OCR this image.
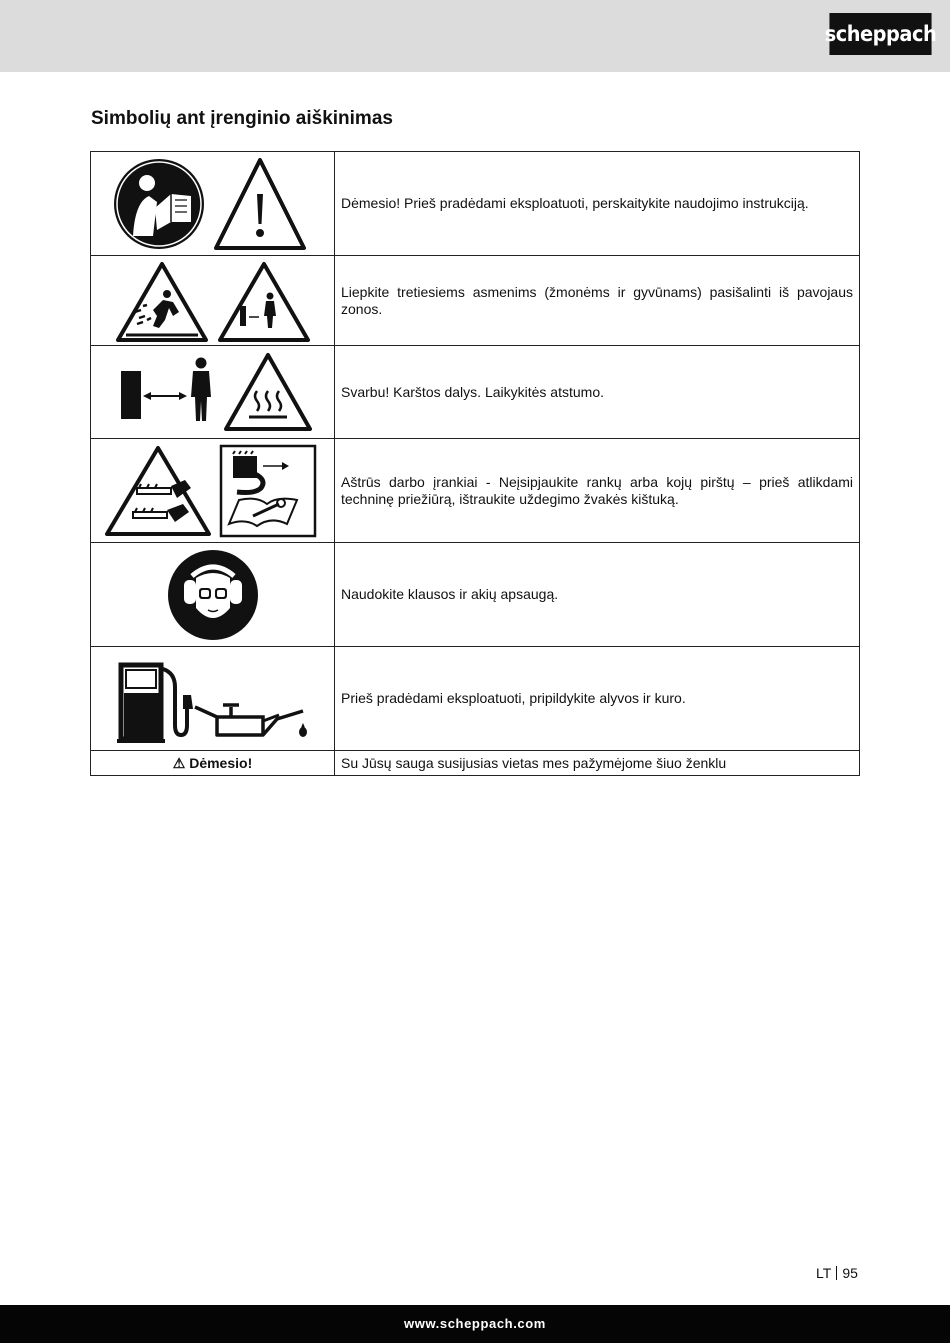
scheppach
Simbolių ant įrenginio aiškinimas
	Dėmesio! Prieš pradėdami eksploatuoti, perskaitykite naudojimo instrukciją.

	Liepkite tretiesiems asmenims (žmonėms ir gyvūnams) pasišalinti iš pavojaus zonos.

	Svarbu! Karštos dalys. Laikykitės atstumo.

	Aštrūs darbo įrankiai - Neįsipjaukite rankų arba kojų pirštų – prieš atlikdami techninę priežiūrą, ištraukite uždegimo žvakės kištuką.

	Naudokite klausos ir akių apsaugą.

	Prieš pradėdami eksploatuoti, pripildykite alyvos ir kuro.
⚠ Dėmesio!	Su Jūsų sauga susijusias vietas mes pažymėjome šiuo ženklu
LT 95
www.scheppach.com
